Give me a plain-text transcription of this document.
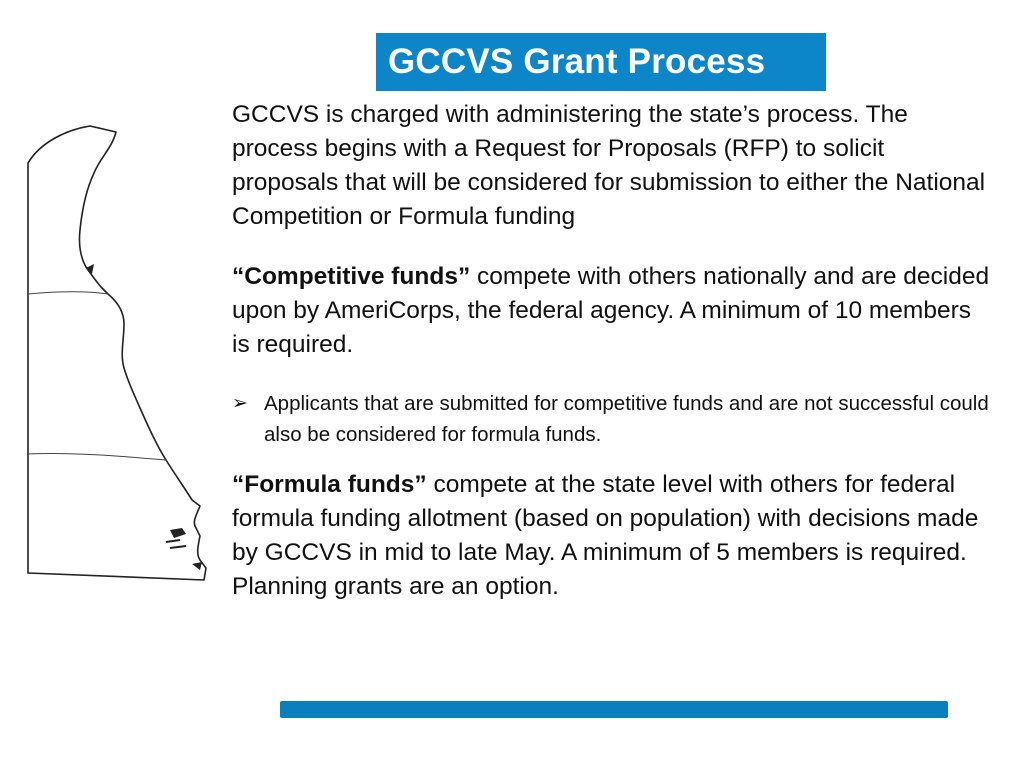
GCCVS Grant Process

GCCVS is charged with administering the state’s process. The process begins with a Request for Proposals (RFP) to solicit proposals that will be considered for submission to either the National Competition or Formula funding

“Competitive funds” compete with others nationally and are decided upon by AmeriCorps, the federal agency. A minimum of 10 members is required.

➢ Applicants that are submitted for competitive funds and are not successful could also be considered for formula funds.

“Formula funds” compete at the state level with others for federal formula funding allotment (based on population) with decisions made by GCCVS in mid to late May. A minimum of 5 members is required. Planning grants are an option.
